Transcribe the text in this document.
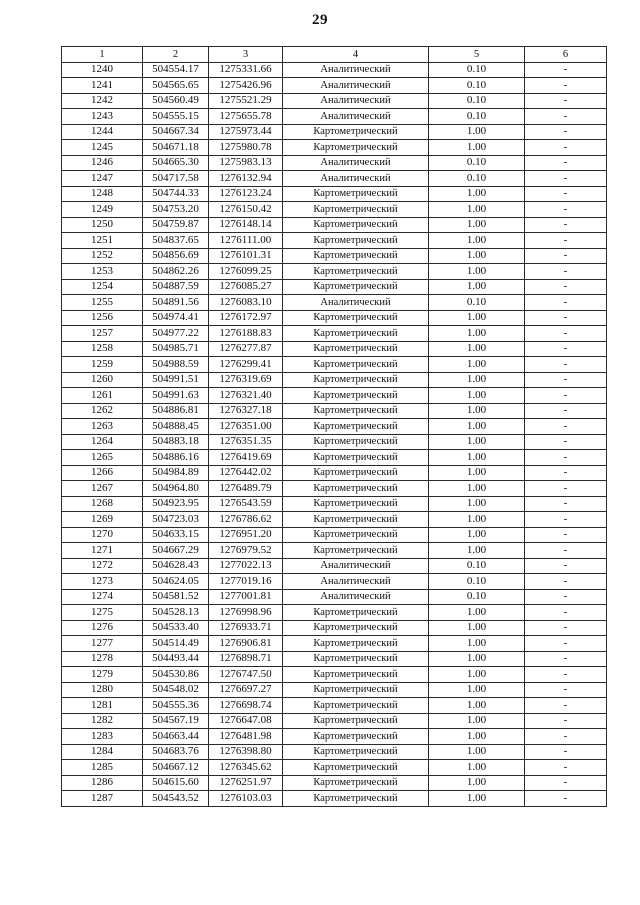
29
1	2	3	4	5	6
1240	504554.17	1275331.66	Аналитический	0.10	-
1241	504565.65	1275426.96	Аналитический	0.10	-
1242	504560.49	1275521.29	Аналитический	0.10	-
1243	504555.15	1275655.78	Аналитический	0.10	-
1244	504667.34	1275973.44	Картометрический	1.00	-
1245	504671.18	1275980.78	Картометрический	1.00	-
1246	504665.30	1275983.13	Аналитический	0.10	-
1247	504717.58	1276132.94	Аналитический	0.10	-
1248	504744.33	1276123.24	Картометрический	1.00	-
1249	504753.20	1276150.42	Картометрический	1.00	-
1250	504759.87	1276148.14	Картометрический	1.00	-
1251	504837.65	1276111.00	Картометрический	1.00	-
1252	504856.69	1276101.31	Картометрический	1.00	-
1253	504862.26	1276099.25	Картометрический	1.00	-
1254	504887.59	1276085.27	Картометрический	1.00	-
1255	504891.56	1276083.10	Аналитический	0.10	-
1256	504974.41	1276172.97	Картометрический	1.00	-
1257	504977.22	1276188.83	Картометрический	1.00	-
1258	504985.71	1276277.87	Картометрический	1.00	-
1259	504988.59	1276299.41	Картометрический	1.00	-
1260	504991.51	1276319.69	Картометрический	1.00	-
1261	504991.63	1276321.40	Картометрический	1.00	-
1262	504886.81	1276327.18	Картометрический	1.00	-
1263	504888.45	1276351.00	Картометрический	1.00	-
1264	504883.18	1276351.35	Картометрический	1.00	-
1265	504886.16	1276419.69	Картометрический	1.00	-
1266	504984.89	1276442.02	Картометрический	1.00	-
1267	504964.80	1276489.79	Картометрический	1.00	-
1268	504923.95	1276543.59	Картометрический	1.00	-
1269	504723.03	1276786.62	Картометрический	1.00	-
1270	504633.15	1276951.20	Картометрический	1.00	-
1271	504667.29	1276979.52	Картометрический	1.00	-
1272	504628.43	1277022.13	Аналитический	0.10	-
1273	504624.05	1277019.16	Аналитический	0.10	-
1274	504581.52	1277001.81	Аналитический	0.10	-
1275	504528.13	1276998.96	Картометрический	1.00	-
1276	504533.40	1276933.71	Картометрический	1.00	-
1277	504514.49	1276906.81	Картометрический	1.00	-
1278	504493.44	1276898.71	Картометрический	1.00	-
1279	504530.86	1276747.50	Картометрический	1.00	-
1280	504548.02	1276697.27	Картометрический	1.00	-
1281	504555.36	1276698.74	Картометрический	1.00	-
1282	504567.19	1276647.08	Картометрический	1.00	-
1283	504663.44	1276481.98	Картометрический	1.00	-
1284	504683.76	1276398.80	Картометрический	1.00	-
1285	504667.12	1276345.62	Картометрический	1.00	-
1286	504615.60	1276251.97	Картометрический	1.00	-
1287	504543.52	1276103.03	Картометрический	1.00	-
